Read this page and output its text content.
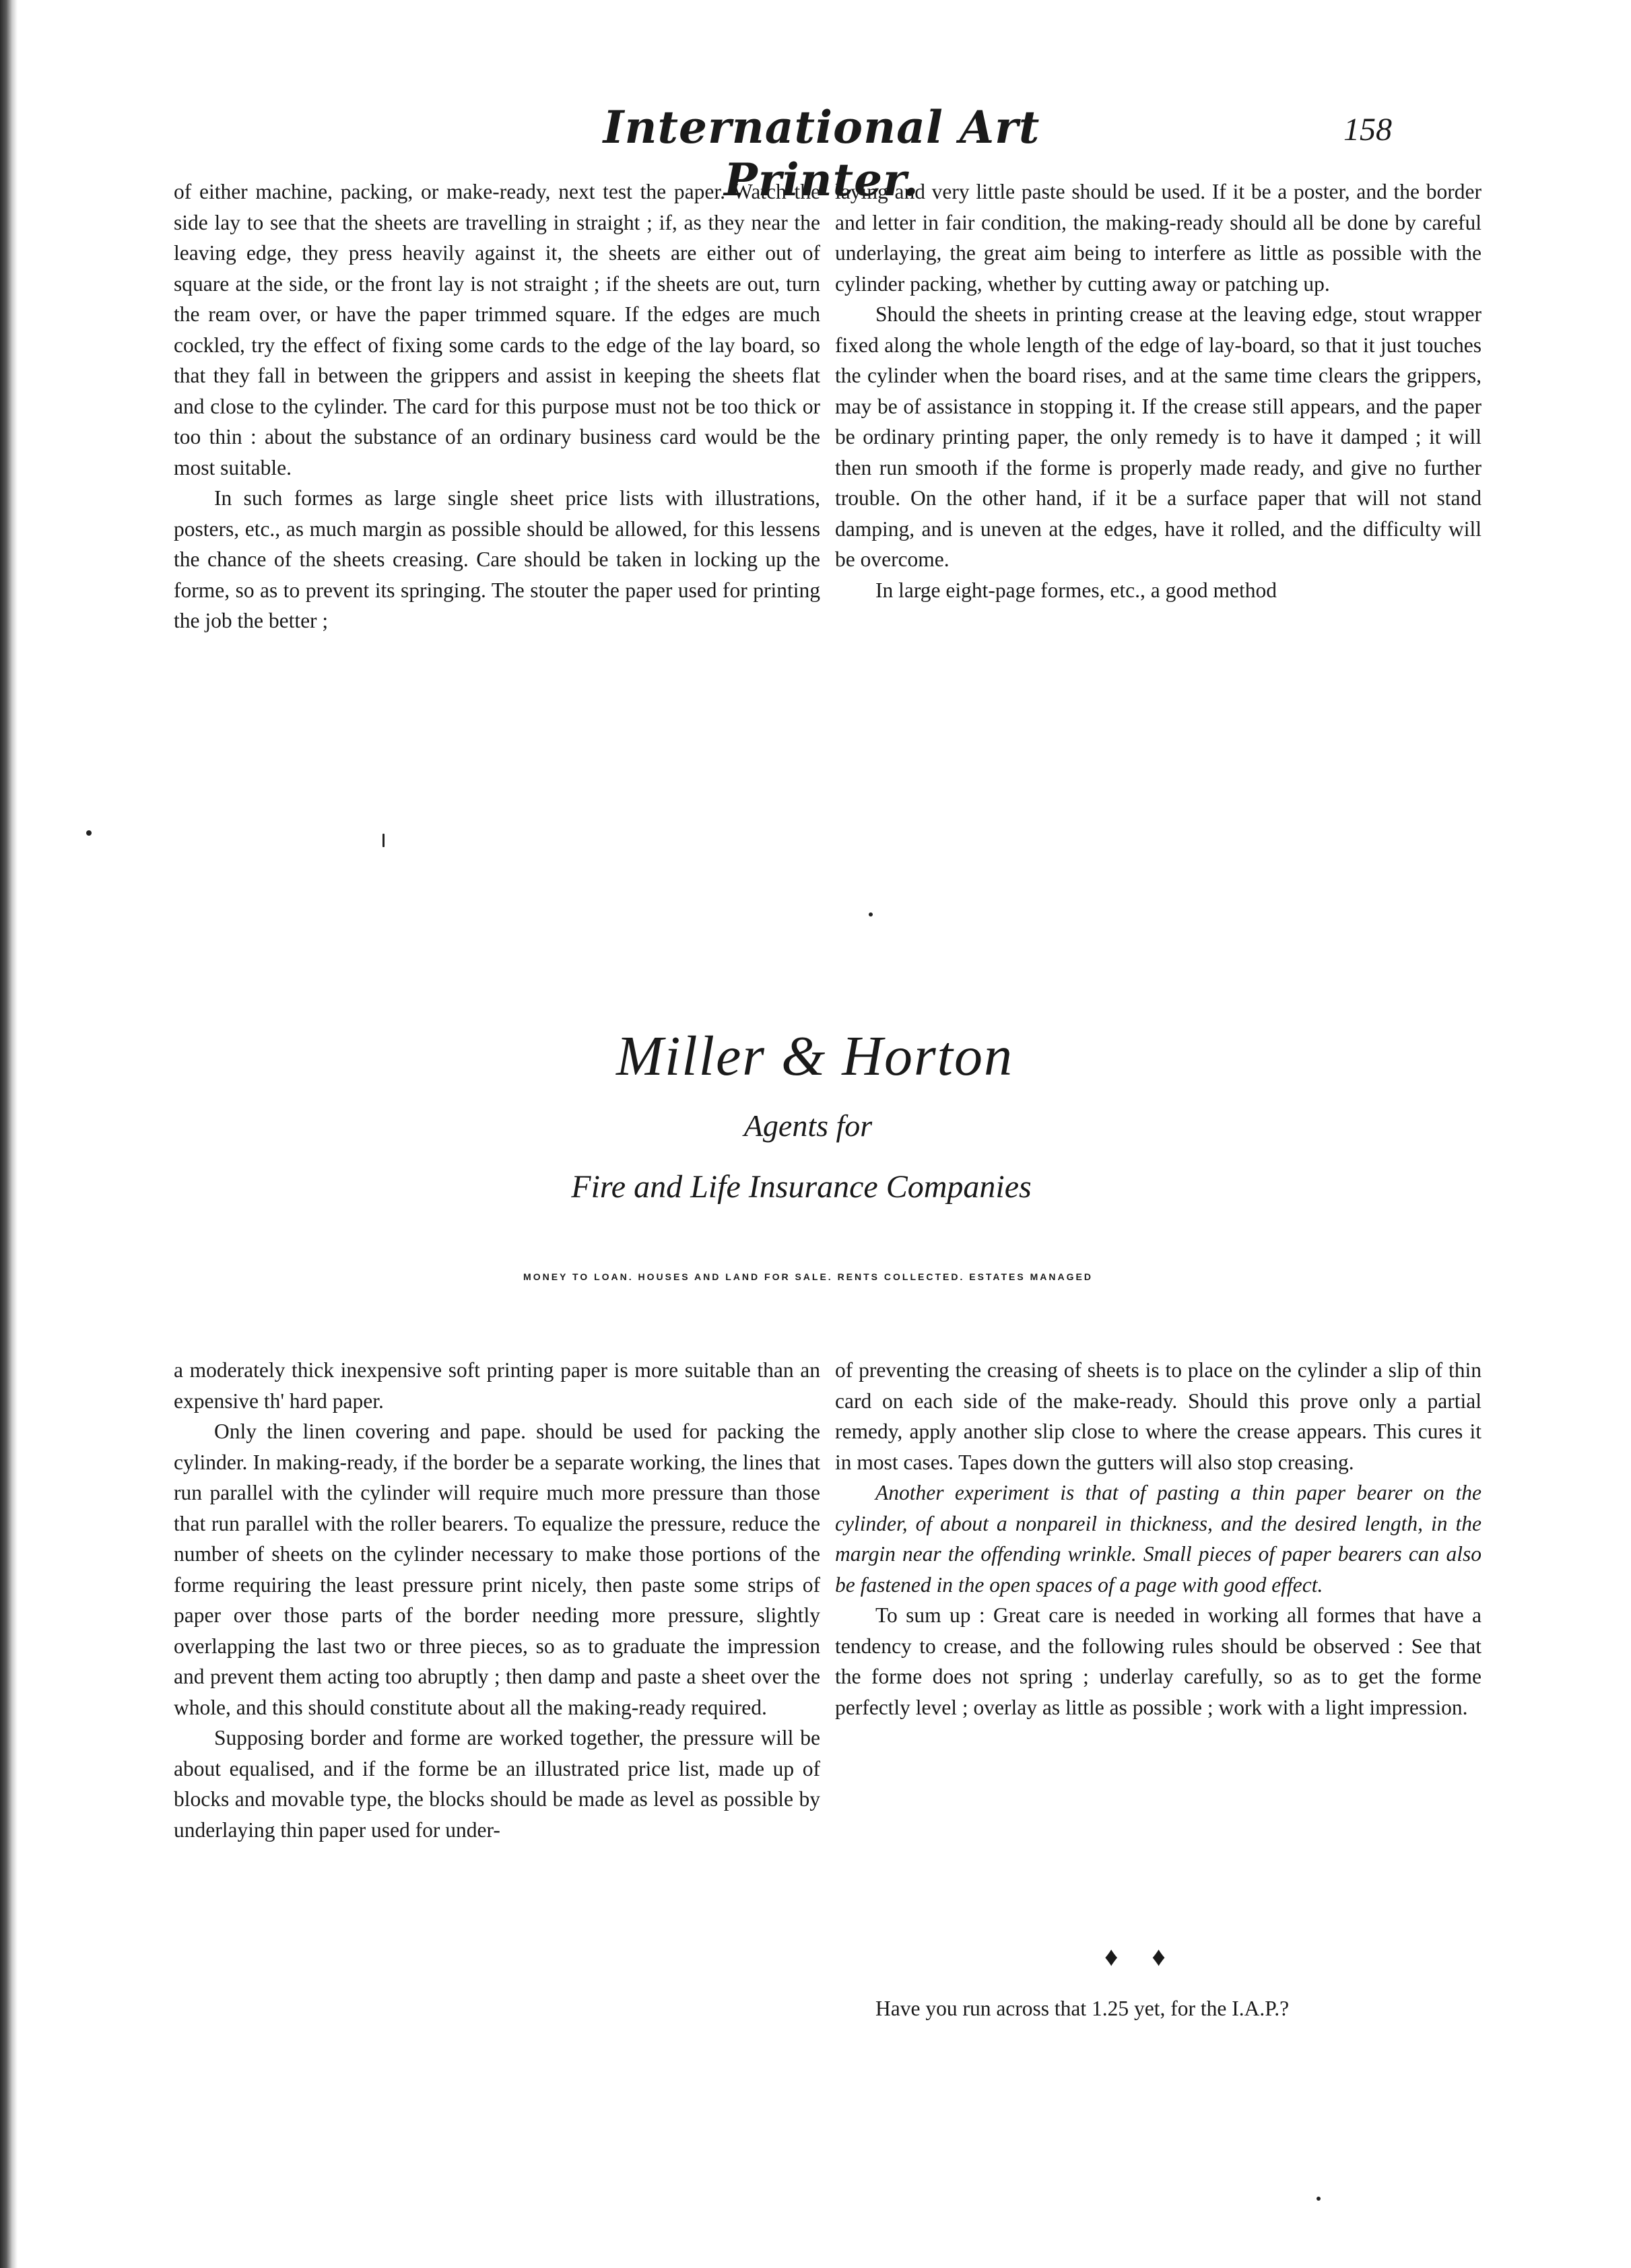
International Art Printer.
158

of either machine, packing, or make-ready, next test the paper. Watch the side lay to see that the sheets are travelling in straight ; if, as they near the leaving edge, they press heavily against it, the sheets are either out of square at the side, or the front lay is not straight ; if the sheets are out, turn the ream over, or have the paper trimmed square. If the edges are much cockled, try the effect of fixing some cards to the edge of the lay board, so that they fall in between the grippers and assist in keeping the sheets flat and close to the cylinder. The card for this purpose must not be too thick or too thin : about the substance of an ordinary business card would be the most suitable.

In such formes as large single sheet price lists with illustrations, posters, etc., as much margin as possible should be allowed, for this lessens the chance of the sheets creasing. Care should be taken in locking up the forme, so as to prevent its springing. The stouter the paper used for printing the job the better ;

laying and very little paste should be used. If it be a poster, and the border and letter in fair condition, the making-ready should all be done by careful underlaying, the great aim being to interfere as little as possible with the cylinder packing, whether by cutting away or patching up.

Should the sheets in printing crease at the leaving edge, stout wrapper fixed along the whole length of the edge of lay-board, so that it just touches the cylinder when the board rises, and at the same time clears the grippers, may be of assistance in stopping it. If the crease still appears, and the paper be ordinary printing paper, the only remedy is to have it damped ; it will then run smooth if the forme is properly made ready, and give no further trouble. On the other hand, if it be a surface paper that will not stand damping, and is uneven at the edges, have it rolled, and the difficulty will be overcome.

In large eight-page formes, etc., a good method

Miller & Horton
Agents for
Fire and Life Insurance Companies
MONEY TO LOAN. HOUSES AND LAND FOR SALE. RENTS COLLECTED. ESTATES MANAGED

a moderately thick inexpensive soft printing paper is more suitable than an expensive th' hard paper.

Only the linen covering and pape. should be used for packing the cylinder. In making-ready, if the border be a separate working, the lines that run parallel with the cylinder will require much more pressure than those that run parallel with the roller bearers. To equalize the pressure, reduce the number of sheets on the cylinder necessary to make those portions of the forme requiring the least pressure print nicely, then paste some strips of paper over those parts of the border needing more pressure, slightly overlapping the last two or three pieces, so as to graduate the impression and prevent them acting too abruptly ; then damp and paste a sheet over the whole, and this should constitute about all the making-ready required.

Supposing border and forme are worked together, the pressure will be about equalised, and if the forme be an illustrated price list, made up of blocks and movable type, the blocks should be made as level as possible by underlaying thin paper used for under-

of preventing the creasing of sheets is to place on the cylinder a slip of thin card on each side of the make-ready. Should this prove only a partial remedy, apply another slip close to where the crease appears. This cures it in most cases. Tapes down the gutters will also stop creasing.

Another experiment is that of pasting a thin paper bearer on the cylinder, of about a nonpareil in thickness, and the desired length, in the margin near the offending wrinkle. Small pieces of paper bearers can also be fastened in the open spaces of a page with good effect.

To sum up : Great care is needed in working all formes that have a tendency to crease, and the following rules should be observed : See that the forme does not spring ; underlay carefully, so as to get the forme perfectly level ; overlay as little as possible ; work with a light impression.

♦ ♦

Have you run across that 1.25 yet, for the I.A.P.?
